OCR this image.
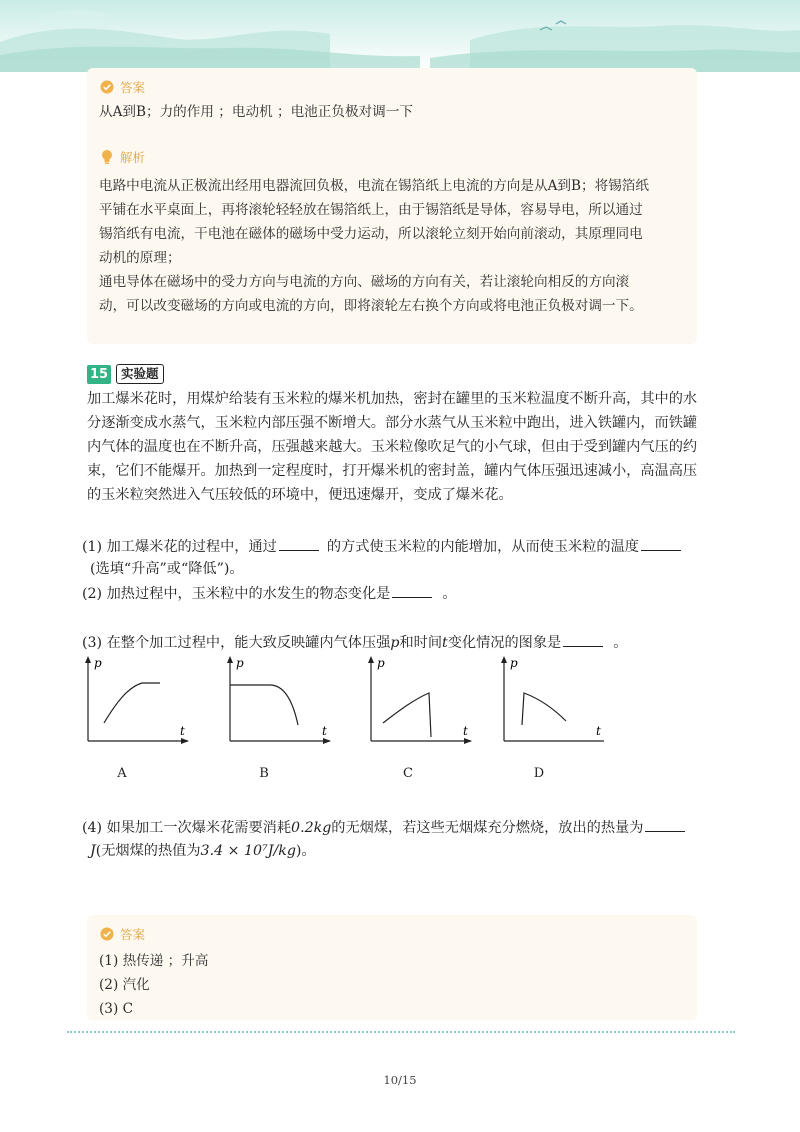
答案
从A到B；力的作用 ；电动机 ；电池正负极对调一下
解析
电路中电流从正极流出经用电器流回负极，电流在锡箔纸上电流的方向是从A到B；将锡箔纸
平铺在水平桌面上，再将滚轮轻轻放在锡箔纸上，由于锡箔纸是导体，容易导电，所以通过
锡箔纸有电流，干电池在磁体的磁场中受力运动，所以滚轮立刻开始向前滚动，其原理同电
动机的原理；
通电导体在磁场中的受力方向与电流的方向、磁场的方向有关，若让滚轮向相反的方向滚
动，可以改变磁场的方向或电流的方向，即将滚轮左右换个方向或将电池正负极对调一下。
15	实验题
加工爆米花时，用煤炉给装有玉米粒的爆米机加热，密封在罐里的玉米粒温度不断升高，其中的水
分逐渐变成水蒸气，玉米粒内部压强不断增大。部分水蒸气从玉米粒中跑出，进入铁罐内，而铁罐
内气体的温度也在不断升高，压强越来越大。玉米粒像吹足气的小气球，但由于受到罐内气压的约
束，它们不能爆开。加热到一定程度时，打开爆米机的密封盖，罐内气体压强迅速减小，高温高压
的玉米粒突然进入气压较低的环境中，便迅速爆开，变成了爆米花。
(1) 加工爆米花的过程中，通过	的方式使玉米粒的内能增加，从而使玉米粒的温度
(选填“升高”或“降低”)。
(2) 加热过程中，玉米粒中的水发生的物态变化是	。
(3) 在整个加工过程中，能大致反映罐内气体压强p和时间t变化情况的图象是	。
p
t
p
t
p
t
p
t
A	B	C	D
(4) 如果加工一次爆米花需要消耗0.2kg的无烟煤，若这些无烟煤充分燃烧，放出的热量为
J(无烟煤的热值为3.4 × 10⁷J/kg)。
答案
(1) 热传递 ；升高
(2) 汽化
(3) C
10/15
